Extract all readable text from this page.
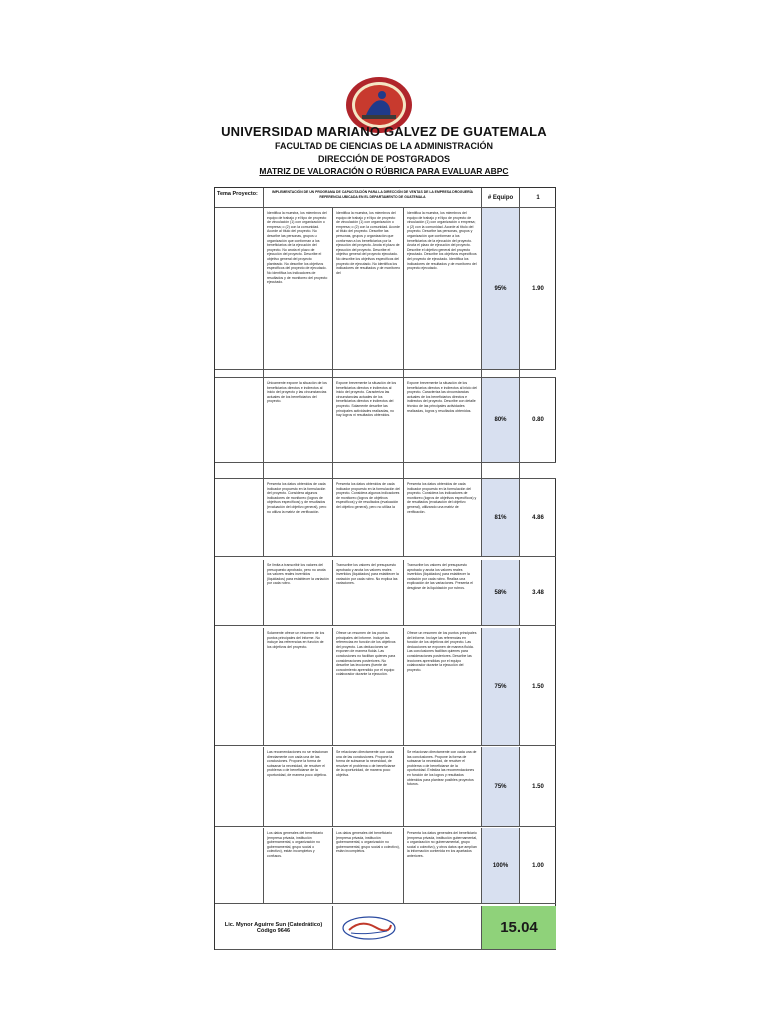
UNIVERSIDAD MARIANO GALVEZ DE GUATEMALA
FACULTAD DE CIENCIAS DE LA ADMINISTRACIÓN
DIRECCIÓN DE POSTGRADOS
MATRIZ DE VALORACIÓN O RÚBRICA PARA EVALUAR ABPC
Tema Proyecto:	IMPLEMENTACIÓN DE UN PROGRAMA DE CAPACITACIÓN PARA LA DIRECCIÓN DE VENTAS DE LA EMPRESA DROGUERÍA REFERENCIA UBICADA EN EL DEPARTAMENTO DE GUATEMALA	# Equipo	1
Identifica la muestra, los miembros del equipo de trabajo y el tipo de proyecto de vinculación (1) con organización o empresa; o (2) con la comunidad. Acorde al título del proyecto. No describe las personas, grupos u organización que conforman a los beneficiarios de la ejecución del proyecto. No anota el plazo de ejecución del proyecto. Describe el objetivo general del proyecto planteado. No describe los objetivos específicos del proyecto de ejecutado. No identifica los indicadores de resultados y de monitoreo del proyecto ejecutado.
Identifica la muestra, los miembros del equipo de trabajo y el tipo de proyecto de vinculación (1) con organización o empresa; o (2) con la comunidad. Acorde al título del proyecto. Describe las personas, grupos y organización que conforman a los beneficiarios por la ejecución del proyecto. Anota el plazo de ejecución del proyecto. Describe el objetivo general del proyecto ejecutado. No describe los objetivos específicos del proyecto de ejecutado. No identifica los indicadores de resultados y de monitoreo del
Identifica la muestra, los miembros del equipo de trabajo y el tipo de proyecto de vinculación (1) con organización o empresa; o (2) con la comunidad. Acorde al título del proyecto. Describe las personas, grupos y organización que conforman a los beneficiarios de la ejecución del proyecto. Anota el plazo de ejecución del proyecto. Describe el objetivo general del proyecto ejecutado. Describe los objetivos específicos del proyecto de ejecutado. Identifica los indicadores de resultados y de monitoreo del proyecto ejecutado.
95%	1.90
Únicamente expone la situación de los beneficiarios directos e indirectos al inicio del proyecto y las circunstancias actuales de los beneficiarios del proyecto.
Expone brevemente la situación de los beneficiarios directos e indirectos al inicio del proyecto. Caracteriza las circunstancias actuales de los beneficiarios directos e indirectos del proyecto. Solamente describe las principales actividades realizadas, no hay logros ni resultados obtenidos.
Expone brevemente la situación de los beneficiarios directos e indirectos al inicio del proyecto. Caracteriza las circunstancias actuales de los beneficiarios directos e indirectos del proyecto. Describe con detalle técnico de las principales actividades realizadas, logros y resultados obtenidos.
80%	0.80
Presenta los datos obtenidos de cada indicador propuesto en la formulación del proyecto. Considera algunos indicadores de monitoreo (logros de objetivos específicos) y de resultados (evaluación del objetivo general), pero no utiliza la matriz de verificación.
Presenta los datos obtenidos de cada indicador propuesto en la formulación del proyecto. Considera algunos indicadores de monitoreo (logros de objetivos específicos) y de resultados (evaluación del objetivo general), pero no utiliza la
Presenta los datos obtenidos de cada indicador propuesto en la formulación del proyecto. Considera los indicadores de monitoreo (logros de objetivos específicos) y de resultados (evaluación del objetivo general), utilizando una matriz de verificación.
81%	4.86
Se limita a transcribir los valores del presupuesto aprobado, pero no anota los valores reales invertidos (liquidados) para establecer la variación por cada rubro.
Transcribe los valores del presupuesto aprobado y anota los valores reales invertidos (liquidados) para establecer la variación por cada rubro. No explica las variaciones.
Transcribe los valores del presupuesto aprobado y anota los valores reales invertidos (liquidados) para establecer la variación por cada rubro. Realiza una explicación de las variaciones. Presenta el desglose de la liquidación por rubros.
58%	3.48
Solamente ofrece un resumen de los puntos principales del informe. No incluye las referencias en función de los objetivos del proyecto.
Ofrece un resumen de los puntos principales del informe. Incluye las referencias en función de los objetivos del proyecto. Las deducciones se exponen de manera fluida. Las conclusiones no facilitan quienes para consideraciones posteriores. No describe las lecciones (fuente de conocimiento aprendido por el equipo colaborador durante la ejecución.
Ofrece un resumen de los puntos principales del informe. Incluye las referencias en función de los objetivos del proyecto. Las deducciones se exponen de manera fluida. Las conclusiones facilitan quienes para consideraciones posteriores. Describe las lecciones aprendidas por el equipo colaborador durante la ejecución del proyecto.
75%	1.50
Las recomendaciones no se relacionan directamente con cada una de las conclusiones. Propone la forma de subsanar la necesidad, de resolver el problema o de beneficiarse de la oportunidad, de manera poco objetiva.
Se relacionan directamente con cada una de las conclusiones. Propone la forma de subsanar la necesidad, de resolver el problema o de beneficiarse de la oportunidad, de manera poco objetiva.
Se relacionan directamente con cada una de las conclusiones. Propone la forma de subsanar la necesidad, de resolver el problema o de beneficiarse de la oportunidad. Enfatiza las recomendaciones en función de los logros y resultados obtenidos para plantear posibles proyectos futuros.	75%	1.50
Los datos generales del beneficiario (empresa privada, institución gubernamental, u organización no gubernamental, grupo social o colectivo), están incompletos y confusos.
Los datos generales del beneficiario (empresa privada, institución gubernamental, u organización no gubernamental, grupo social o colectivo), están incompletos.
Presenta los datos generales del beneficiario (empresa privada, institución gubernamental, u organización no gubernamental, grupo social o colectivo), y otros datos que amplían la información contenida en los apartados anteriores.
100%	1.00
Lic. Mynor Aguirre Sun (Catedrático)
Código 9646	15.04
